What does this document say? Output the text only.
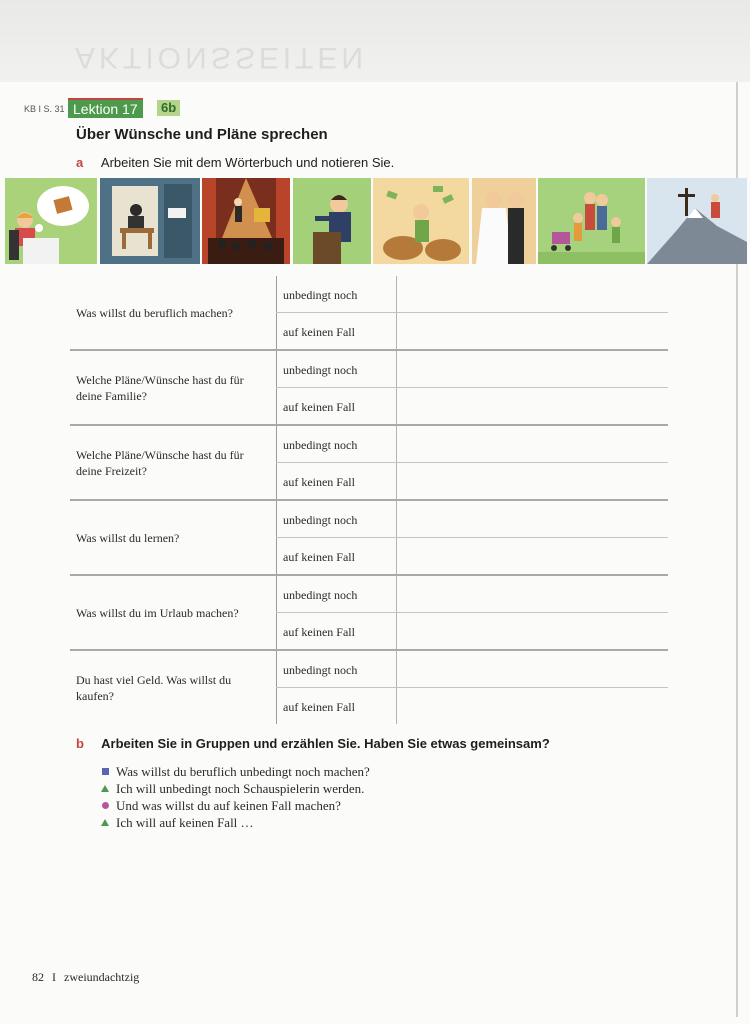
AKTIONSSEITEN
KB I S. 31 Lektion 17	6b
Über Wünsche und Pläne sprechen
a Arbeiten Sie mit dem Wörterbuch und notieren Sie.
Was willst du beruflich machen?
unbedingt noch
auf keinen Fall
Welche Pläne/Wünsche hast du für deine Familie?
unbedingt noch
auf keinen Fall
Welche Pläne/Wünsche hast du für deine Freizeit?
unbedingt noch
auf keinen Fall
Was willst du lernen?
unbedingt noch
auf keinen Fall
Was willst du im Urlaub machen?
unbedingt noch
auf keinen Fall
Du hast viel Geld. Was willst du kaufen?
unbedingt noch
auf keinen Fall
b Arbeiten Sie in Gruppen und erzählen Sie. Haben Sie etwas gemeinsam?
Was willst du beruflich unbedingt noch machen?
Ich will unbedingt noch Schauspielerin werden.
Und was willst du auf keinen Fall machen?
Ich will auf keinen Fall …
82 I zweiundachtzig
